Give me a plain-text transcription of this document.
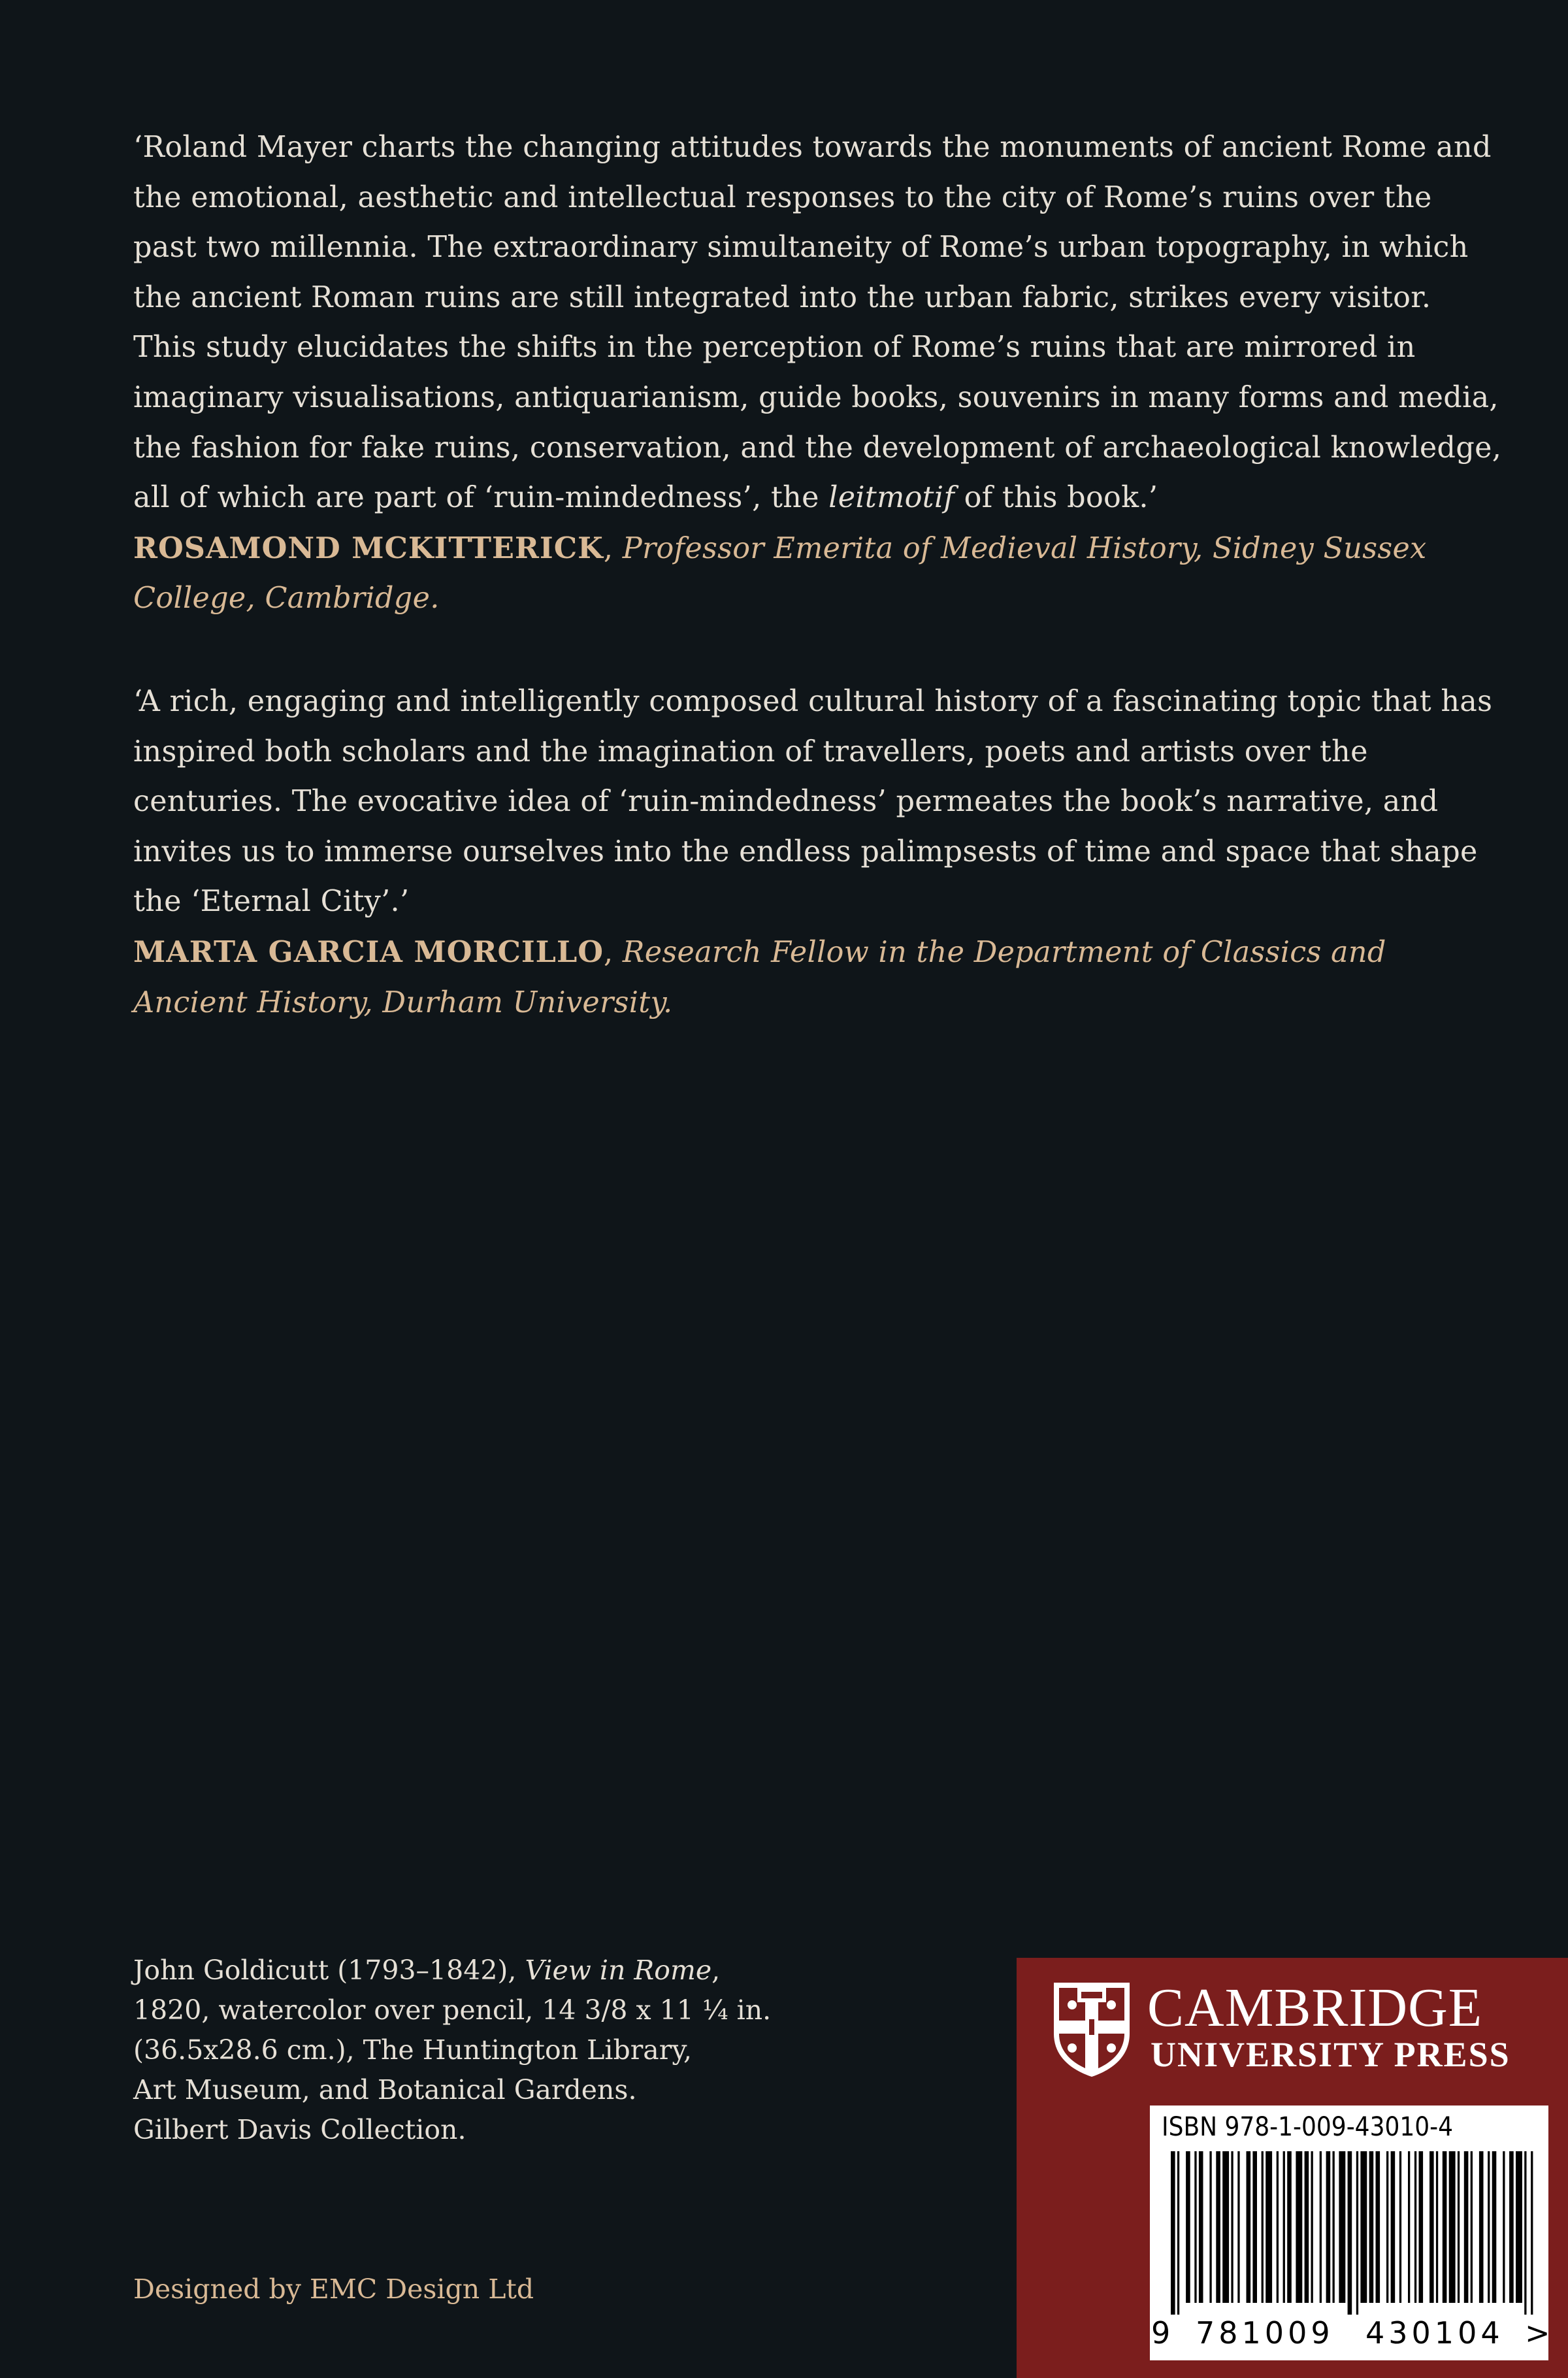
‘Roland Mayer charts the changing attitudes towards the monuments of ancient Rome and the emotional, aesthetic and intellectual responses to the city of Rome’s ruins over the past two millennia. The extraordinary simultaneity of Rome’s urban topography, in which the ancient Roman ruins are still integrated into the urban fabric, strikes every visitor. This study elucidates the shifts in the perception of Rome’s ruins that are mirrored in imaginary visualisations, antiquarianism, guide books, souvenirs in many forms and media, the fashion for fake ruins, conservation, and the development of archaeological knowledge, all of which are part of ‘ruin-mindedness’, the leitmotif of this book.’
ROSAMOND MCKITTERICK, Professor Emerita of Medieval History, Sidney Sussex College, Cambridge.

‘A rich, engaging and intelligently composed cultural history of a fascinating topic that has inspired both scholars and the imagination of travellers, poets and artists over the centuries. The evocative idea of ‘ruin-mindedness’ permeates the book’s narrative, and invites us to immerse ourselves into the endless palimpsests of time and space that shape the ‘Eternal City’.’
MARTA GARCIA MORCILLO, Research Fellow in the Department of Classics and Ancient History, Durham University.

John Goldicutt (1793–1842), View in Rome,
1820, watercolor over pencil, 14 3/8 x 11 ¼ in.
(36.5x28.6 cm.), The Huntington Library,
Art Museum, and Botanical Gardens.
Gilbert Davis Collection.

Designed by EMC Design Ltd

CAMBRIDGE
UNIVERSITY PRESS
ISBN 978-1-009-43010-4
9 781009 430104 >
